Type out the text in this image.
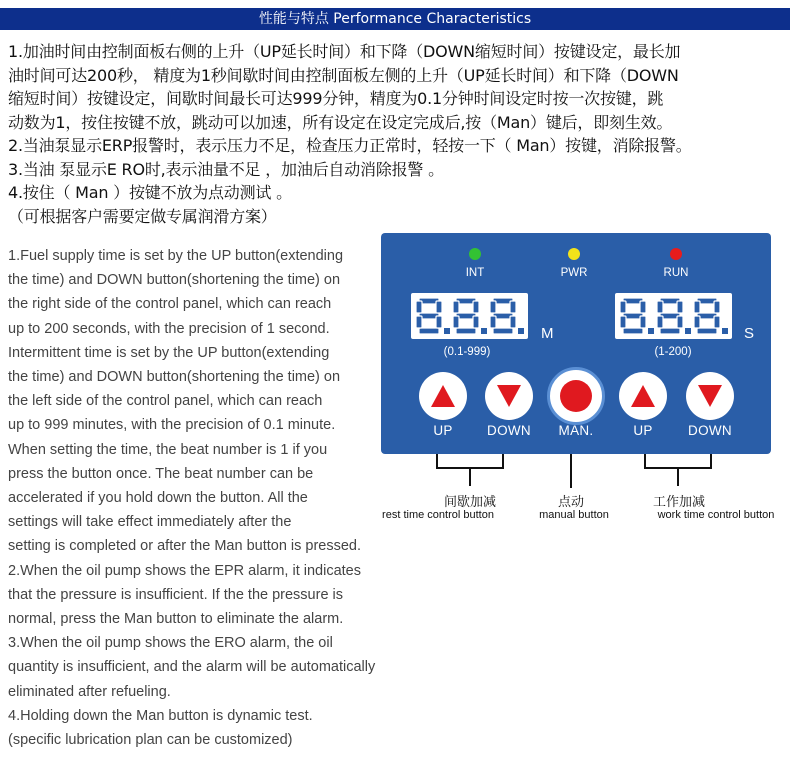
性能与特点 Performance Characteristics
1.加油时间由控制面板右侧的上升（UP延长时间）和下降（DOWN缩短时间）按键设定，最长加
油时间可达200秒， 精度为1秒间歇时间由控制面板左侧的上升（UP延长时间）和下降（DOWN
缩短时间）按键设定，间歇时间最长可达999分钟，精度为0.1分钟时间设定时按一次按键，跳
动数为1，按住按键不放，跳动可以加速，所有设定在设定完成后,按（Man）键后，即刻生效。
2.当油泵显示ERP报警时，表示压力不足，检查压力正常时，轻按一下（ Man）按键，消除报警。
3.当油 泵显示E RO时,表示油量不足 ，加油后自动消除报警 。
4.按住（ Man ）按键不放为点动测试 。
（可根据客户需要定做专属润滑方案）
1.Fuel supply time is set by the UP button(extending
the time) and DOWN button(shortening the time) on
the right side of the control panel, which can reach
up to 200 seconds, with the precision of 1 second.
Intermittent time is set by the UP button(extending
the time) and DOWN button(shortening the time) on
the left side of the control panel, which can reach
up to 999 minutes, with the precision of 0.1 minute.
When setting the time, the beat number is 1 if you
press the button once. The beat number can be
accelerated if you hold down the button. All the
settings will take effect immediately after the
setting is completed or after the Man button is pressed.
2.When the oil pump shows the EPR alarm, it indicates
that the pressure is insufficient. If the the pressure is
normal, press the Man button to eliminate the alarm.
3.When the oil pump shows the ERO alarm, the oil
quantity is insufficient, and the alarm will be automatically
eliminated after refueling.
4.Holding down the Man button is dynamic test.
(specific lubrication plan can be customized)
INT	PWR	RUN
M
(0.1-999)
S
(1-200)
UP	DOWN MAN.	UP	DOWN
间歇加减
rest time control button
点动
manual button
工作加减
work time control button
